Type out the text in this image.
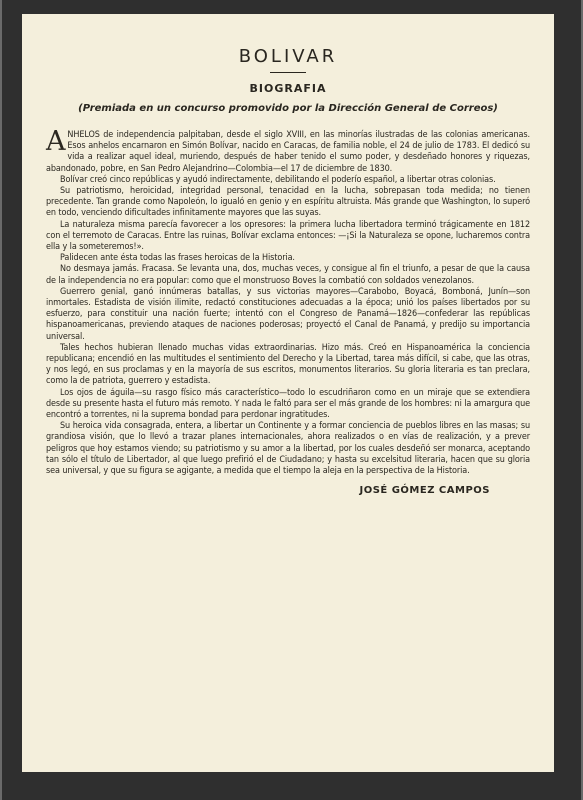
BOLIVAR
BIOGRAFIA
(Premiada en un concurso promovido por la Dirección General de Correos)

ANHELOS de independencia palpitaban, desde el siglo XVIII, en las minorías ilustradas de las colonias americanas. Esos anhelos encarnaron en Simón Bolívar, nacido en Caracas, de familia noble, el 24 de julio de 1783. El dedicó su vida a realizar aquel ideal, muriendo, después de haber tenido el sumo poder, y desdeñado honores y riquezas, abandonado, pobre, en San Pedro Alejandrino—Colombia—el 17 de diciembre de 1830.

Bolívar creó cinco repúblicas y ayudó indirectamente, debilitando el poderío español, a libertar otras colonias.

Su patriotismo, heroicidad, integridad personal, tenacidad en la lucha, sobrepasan toda medida; no tienen precedente. Tan grande como Napoleón, lo igualó en genio y en espíritu altruista. Más grande que Washington, lo superó en todo, venciendo dificultades infinitamente mayores que las suyas.

La naturaleza misma parecía favorecer a los opresores: la primera lucha libertadora terminó trágicamente en 1812 con el terremoto de Caracas. Entre las ruinas, Bolívar exclama entonces: —¡Si la Naturaleza se opone, lucharemos contra ella y la someteremos!».

Palidecen ante ésta todas las frases heroicas de la Historia.

No desmaya jamás. Fracasa. Se levanta una, dos, muchas veces, y consigue al fin el triunfo, a pesar de que la causa de la independencia no era popular: como que el monstruoso Boves la combatió con soldados venezolanos.

Guerrero genial, ganó innúmeras batallas, y sus victorias mayores—Carabobo, Boyacá, Bomboná, Junín—son inmortales. Estadista de visión ilimite, redactó constituciones adecuadas a la época; unió los países libertados por su esfuerzo, para constituir una nación fuerte; intentó con el Congreso de Panamá—1826—confederar las repúblicas hispanoamericanas, previendo ataques de naciones poderosas; proyectó el Canal de Panamá, y predijo su importancia universal.

Tales hechos hubieran llenado muchas vidas extraordinarias. Hizo más. Creó en Hispanoamérica la conciencia republicana; encendió en las multitudes el sentimiento del Derecho y la Libertad, tarea más difícil, si cabe, que las otras, y nos legó, en sus proclamas y en la mayoría de sus escritos, monumentos literarios. Su gloria literaria es tan preclara, como la de patriota, guerrero y estadista.

Los ojos de águila—su rasgo físico más característico—todo lo escudriñaron como en un miraje que se extendiera desde su presente hasta el futuro más remoto. Y nada le faltó para ser el más grande de los hombres: ni la amargura que encontró a torrentes, ni la suprema bondad para perdonar ingratitudes.

Su heroica vida consagrada, entera, a libertar un Continente y a formar conciencia de pueblos libres en las masas; su grandiosa visión, que lo llevó a trazar planes internacionales, ahora realizados o en vías de realización, y a prever peligros que hoy estamos viendo; su patriotismo y su amor a la libertad, por los cuales desdeñó ser monarca, aceptando tan sólo el título de Libertador, al que luego prefirió el de Ciudadano; y hasta su excelsitud literaria, hacen que su gloria sea universal, y que su figura se agigante, a medida que el tiempo la aleja en la perspectiva de la Historia.

JOSÉ GÓMEZ CAMPOS
